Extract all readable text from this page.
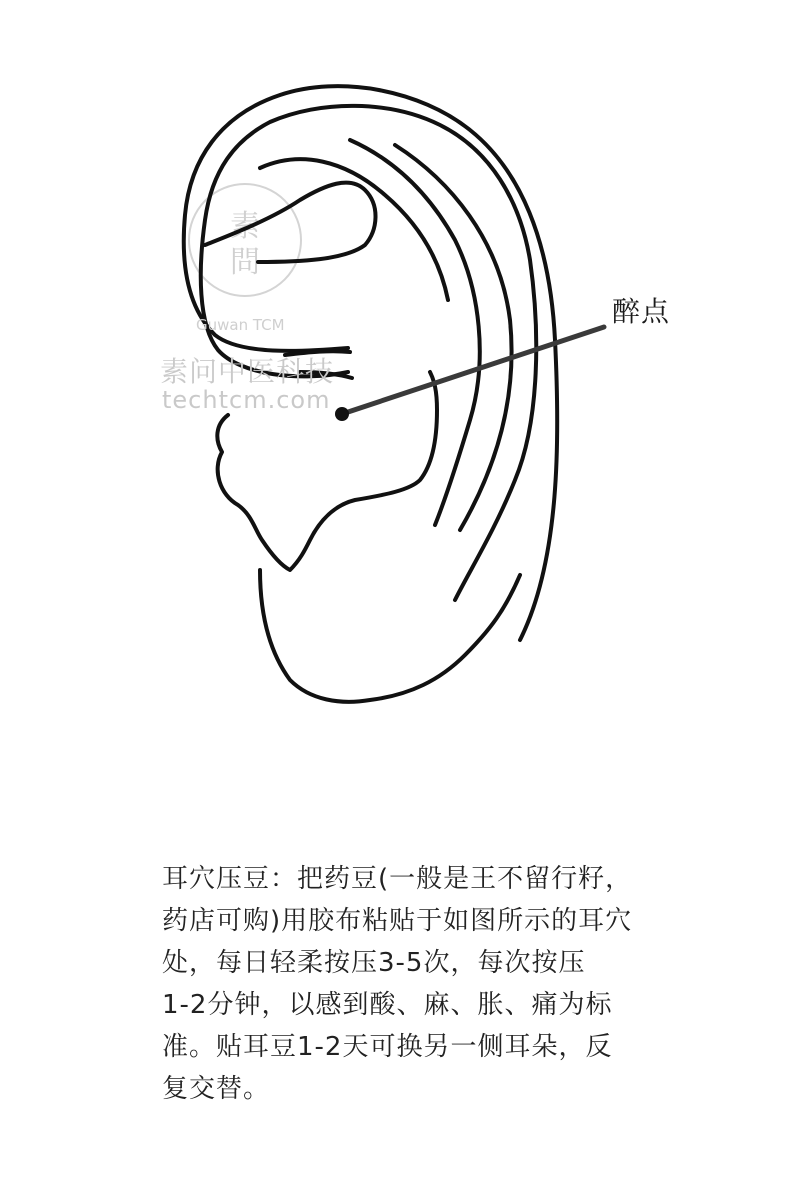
素
問
醉点
Guwan TCM
素问中医科技
techtcm.com
耳穴压豆：把药豆(一般是王不留行籽，
药店可购)用胶布粘贴于如图所示的耳穴
处，每日轻柔按压3-5次，每次按压
1-2分钟，以感到酸、麻、胀、痛为标
准。贴耳豆1-2天可换另一侧耳朵，反
复交替。
